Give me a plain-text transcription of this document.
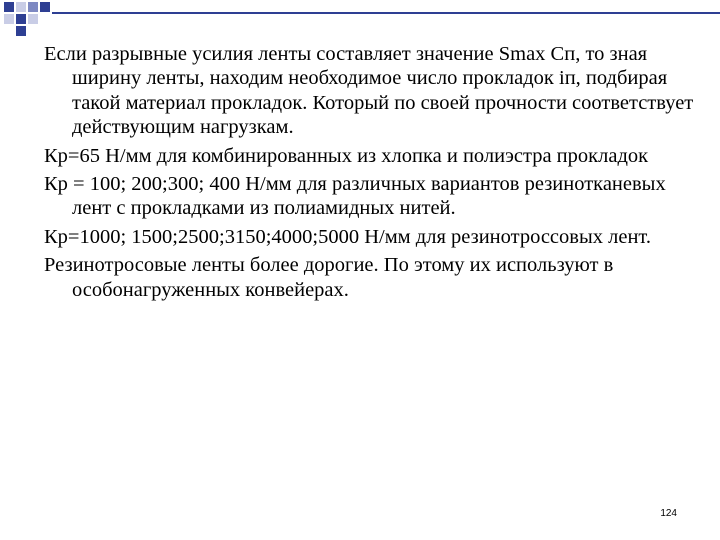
Если разрывные усилия ленты составляет значение Smax Сп, то зная ширину ленты, находим необходимое число прокладок iп, подбирая такой материал прокладок. Который по своей прочности соответствует действующим нагрузкам.

Кр=65 Н/мм для комбинированных из хлопка и полиэстра прокладок

Кр = 100; 200;300; 400 Н/мм для различных вариантов резинотканевых лент с прокладками из полиамидных нитей.

Кр=1000; 1500;2500;3150;4000;5000 Н/мм для резинотроссовых лент.

Резинотросовые ленты более дорогие. По этому их используют в особонагруженных конвейерах.

124
